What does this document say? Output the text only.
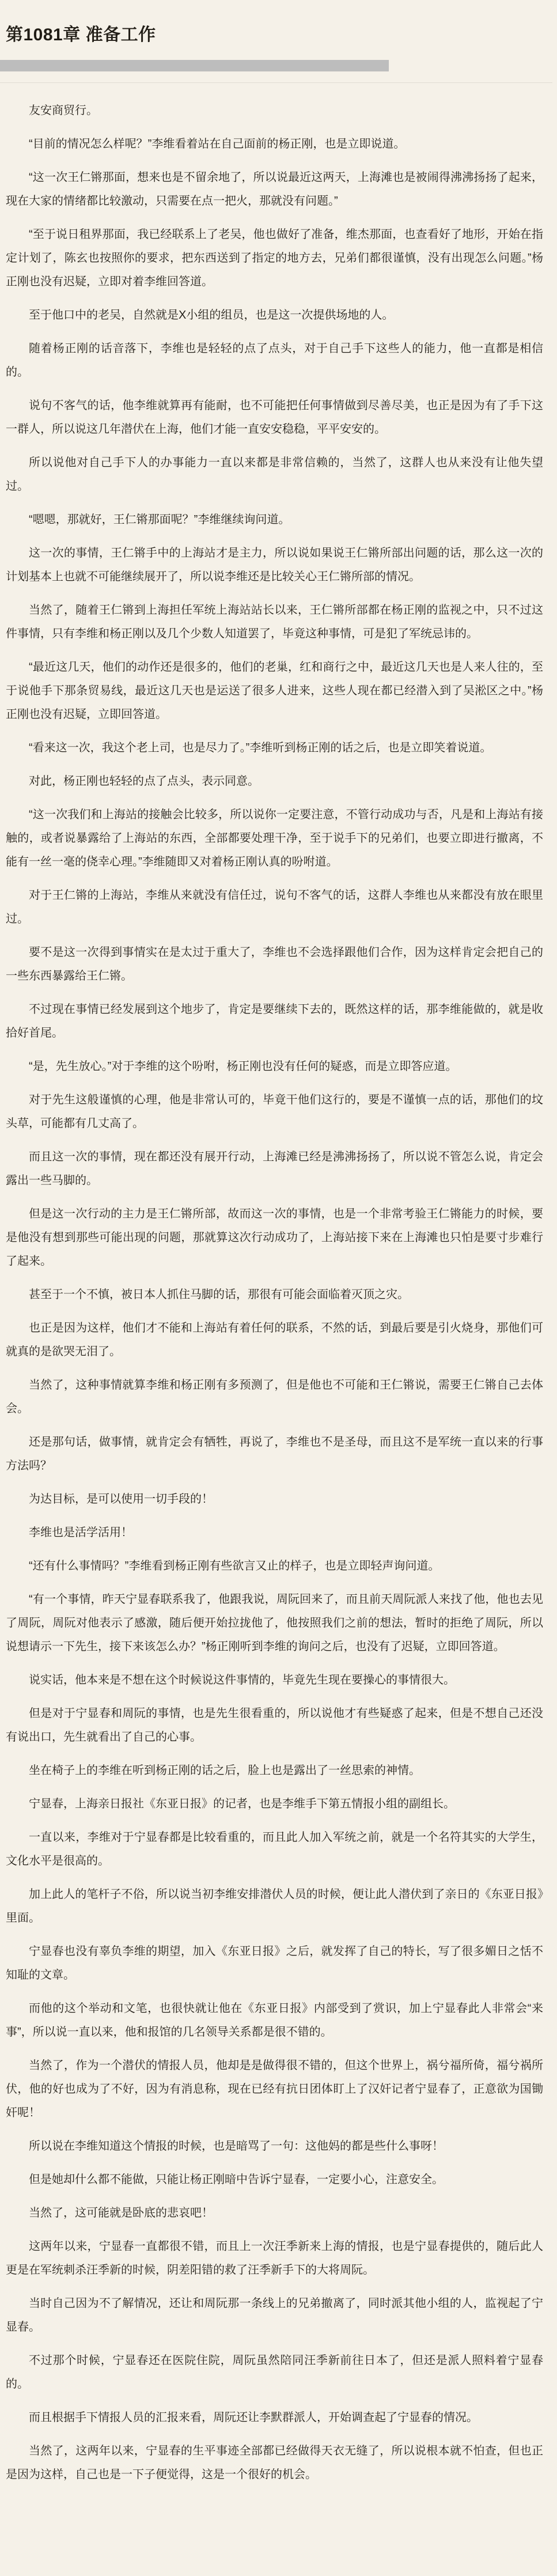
第1081章 准备工作

友安商贸行。

“目前的情况怎么样呢？”李维看着站在自己面前的杨正刚，也是立即说道。

“这一次王仁锵那面，想来也是不留余地了，所以说最近这两天，上海滩也是被闹得沸沸扬扬了起来，现在大家的情绪都比较激动，只需要在点一把火，那就没有问题。”

“至于说日租界那面，我已经联系上了老吴，他也做好了准备，维杰那面，也查看好了地形，开始在指定计划了，陈玄也按照你的要求，把东西送到了指定的地方去，兄弟们都很谨慎，没有出现怎么问题。”杨正刚也没有迟疑，立即对着李维回答道。

至于他口中的老吴，自然就是X小组的组员，也是这一次提供场地的人。

随着杨正刚的话音落下，李维也是轻轻的点了点头，对于自己手下这些人的能力，他一直都是相信的。

说句不客气的话，他李维就算再有能耐，也不可能把任何事情做到尽善尽美，也正是因为有了手下这一群人，所以说这几年潜伏在上海，他们才能一直安安稳稳，平平安安的。

所以说他对自己手下人的办事能力一直以来都是非常信赖的，当然了，这群人也从来没有让他失望过。

“嗯嗯，那就好，王仁锵那面呢？”李维继续询问道。

这一次的事情，王仁锵手中的上海站才是主力，所以说如果说王仁锵所部出问题的话，那么这一次的计划基本上也就不可能继续展开了，所以说李维还是比较关心王仁锵所部的情况。

当然了，随着王仁锵到上海担任军统上海站站长以来，王仁锵所部都在杨正刚的监视之中，只不过这件事情，只有李维和杨正刚以及几个少数人知道罢了，毕竟这种事情，可是犯了军统忌讳的。

“最近这几天，他们的动作还是很多的，他们的老巢，红和商行之中，最近这几天也是人来人往的，至于说他手下那条贸易线，最近这几天也是运送了很多人进来，这些人现在都已经潜入到了吴淞区之中。”杨正刚也没有迟疑，立即回答道。

“看来这一次，我这个老上司，也是尽力了。”李维听到杨正刚的话之后，也是立即笑着说道。

对此，杨正刚也轻轻的点了点头，表示同意。

“这一次我们和上海站的接触会比较多，所以说你一定要注意，不管行动成功与否，凡是和上海站有接触的，或者说暴露给了上海站的东西，全部都要处理干净，至于说手下的兄弟们，也要立即进行撤离，不能有一丝一毫的侥幸心理。”李维随即又对着杨正刚认真的吩咐道。

对于王仁锵的上海站，李维从来就没有信任过，说句不客气的话，这群人李维也从来都没有放在眼里过。

要不是这一次得到事情实在是太过于重大了，李维也不会选择跟他们合作，因为这样肯定会把自己的一些东西暴露给王仁锵。

不过现在事情已经发展到这个地步了，肯定是要继续下去的，既然这样的话，那李维能做的，就是收拾好首尾。

“是，先生放心。”对于李维的这个吩咐，杨正刚也没有任何的疑惑，而是立即答应道。

对于先生这般谨慎的心理，他是非常认可的，毕竟干他们这行的，要是不谨慎一点的话，那他们的坟头草，可能都有几丈高了。

而且这一次的事情，现在都还没有展开行动，上海滩已经是沸沸扬扬了，所以说不管怎么说，肯定会露出一些马脚的。

但是这一次行动的主力是王仁锵所部，故而这一次的事情，也是一个非常考验王仁锵能力的时候，要是他没有想到那些可能出现的问题，那就算这次行动成功了，上海站接下来在上海滩也只怕是要寸步难行了起来。

甚至于一个不慎，被日本人抓住马脚的话，那很有可能会面临着灭顶之灾。

也正是因为这样，他们才不能和上海站有着任何的联系，不然的话，到最后要是引火烧身，那他们可就真的是欲哭无泪了。

当然了，这种事情就算李维和杨正刚有多预测了，但是他也不可能和王仁锵说，需要王仁锵自己去体会。

还是那句话，做事情，就肯定会有牺牲，再说了，李维也不是圣母，而且这不是军统一直以来的行事方法吗？

为达目标，是可以使用一切手段的！

李维也是活学活用！

“还有什么事情吗？”李维看到杨正刚有些欲言又止的样子，也是立即轻声询问道。

“有一个事情，昨天宁显春联系我了，他跟我说，周阮回来了，而且前天周阮派人来找了他，他也去见了周阮，周阮对他表示了感激，随后便开始拉拢他了，他按照我们之前的想法，暂时的拒绝了周阮，所以说想请示一下先生，接下来该怎么办？”杨正刚听到李维的询问之后，也没有了迟疑，立即回答道。

说实话，他本来是不想在这个时候说这件事情的，毕竟先生现在要操心的事情很大。

但是对于宁显春和周阮的事情，也是先生很看重的，所以说他才有些疑惑了起来，但是不想自己还没有说出口，先生就看出了自己的心事。

坐在椅子上的李维在听到杨正刚的话之后，脸上也是露出了一丝思索的神情。

宁显春，上海亲日报社《东亚日报》的记者，也是李维手下第五情报小组的副组长。

一直以来，李维对于宁显春都是比较看重的，而且此人加入军统之前，就是一个名符其实的大学生，文化水平是很高的。

加上此人的笔杆子不俗，所以说当初李维安排潜伏人员的时候，便让此人潜伏到了亲日的《东亚日报》里面。

宁显春也没有辜负李维的期望，加入《东亚日报》之后，就发挥了自己的特长，写了很多媚日之恬不知耻的文章。

而他的这个举动和文笔，也很快就让他在《东亚日报》内部受到了赏识，加上宁显春此人非常会“来事”，所以说一直以来，他和报馆的几名领导关系都是很不错的。

当然了，作为一个潜伏的情报人员，他却是是做得很不错的，但这个世界上，祸兮福所倚，福兮祸所伏，他的好也成为了不好，因为有消息称，现在已经有抗日团体盯上了汉奸记者宁显春了，正意欲为国锄奸呢！

所以说在李维知道这个情报的时候，也是暗骂了一句：这他妈的都是些什么事呀！

但是她却什么都不能做，只能让杨正刚暗中告诉宁显春，一定要小心，注意安全。

当然了，这可能就是卧底的悲哀吧！

这两年以来，宁显春一直都很不错，而且上一次汪季新来上海的情报，也是宁显春提供的，随后此人更是在军统刺杀汪季新的时候，阴差阳错的救了汪季新手下的大将周阮。

当时自己因为不了解情况，还让和周阮那一条线上的兄弟撤离了，同时派其他小组的人，监视起了宁显春。

不过那个时候，宁显春还在医院住院，周阮虽然陪同汪季新前往日本了，但还是派人照料着宁显春的。

而且根据手下情报人员的汇报来看，周阮还让李默群派人，开始调查起了宁显春的情况。

当然了，这两年以来，宁显春的生平事迹全部都已经做得天衣无缝了，所以说根本就不怕查，但也正是因为这样，自己也是一下子便觉得，这是一个很好的机会。
